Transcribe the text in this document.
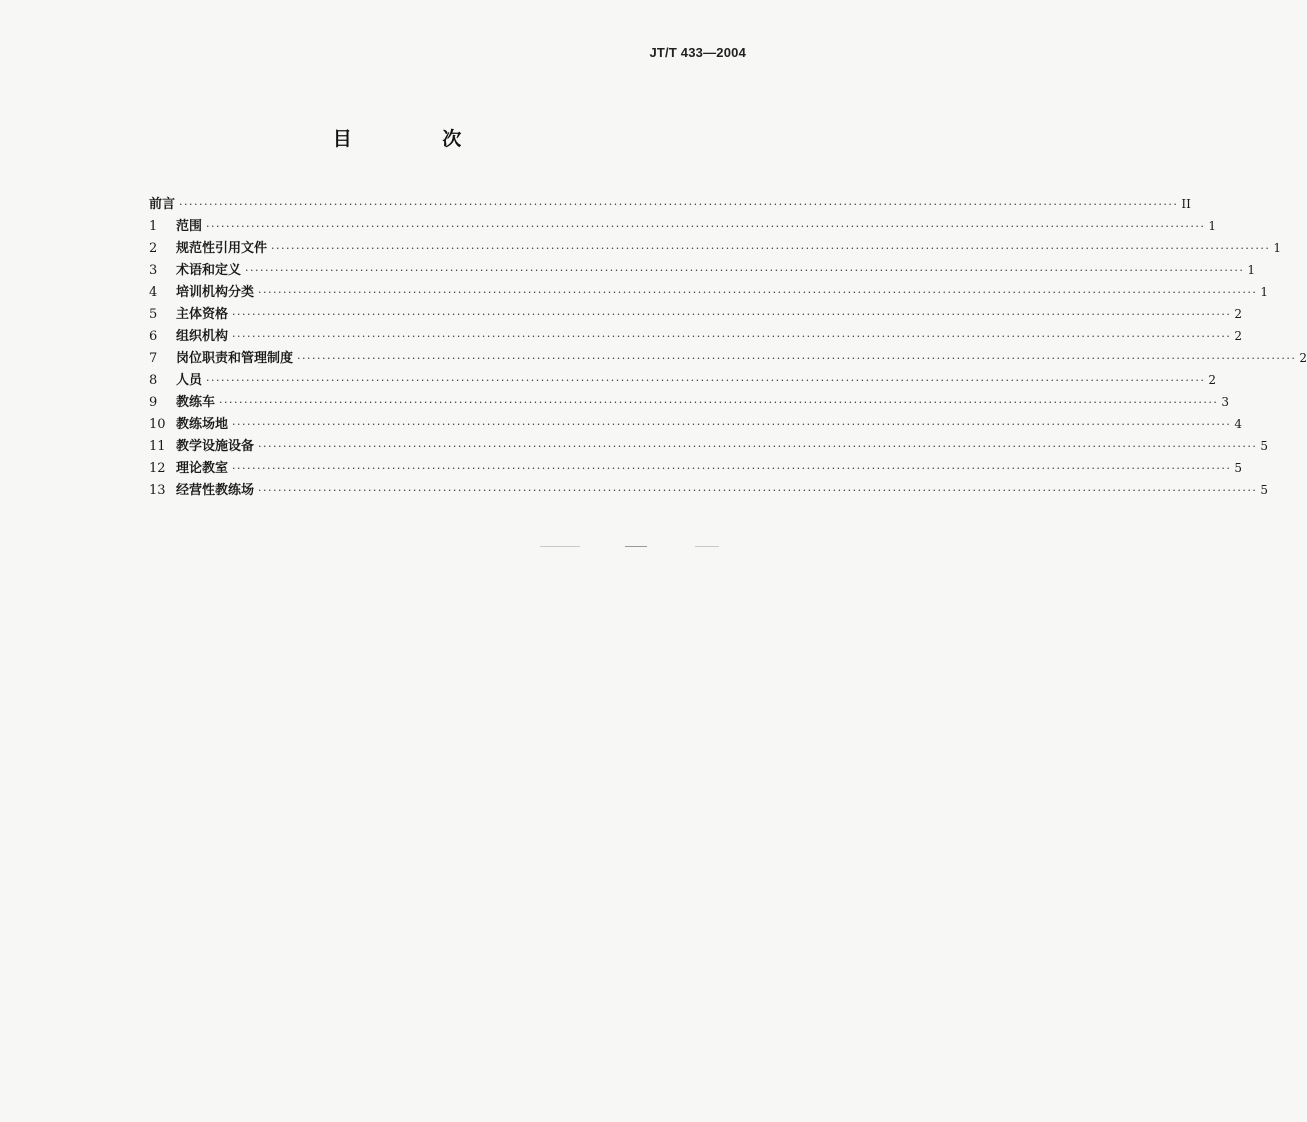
JT/T 433—2004
目 次
前言 ········································································································································································································ II
1	范围 ········································································································································································································ 1
2	规范性引用文件 ········································································································································································································ 1
3	术语和定义 ········································································································································································································ 1
4	培训机构分类 ········································································································································································································ 1
5	主体资格 ········································································································································································································ 2
6	组织机构 ········································································································································································································ 2
7	岗位职责和管理制度 ········································································································································································································ 2
8	人员 ········································································································································································································ 2
9	教练车 ········································································································································································································ 3
10 教练场地 ········································································································································································································ 4
11 教学设施设备 ········································································································································································································ 5
12 理论教室 ········································································································································································································ 5
13 经营性教练场 ········································································································································································································ 5
